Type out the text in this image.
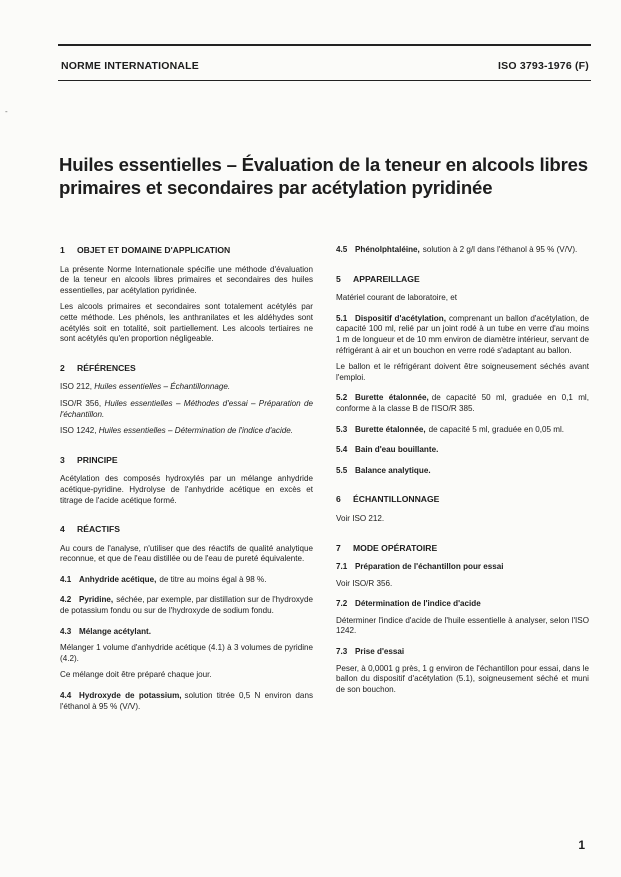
NORME INTERNATIONALE	ISO 3793-1976 (F)
-
Huiles essentielles – Évaluation de la teneur en alcools libres
primaires et secondaires par acétylation pyridinée
1 OBJET ET DOMAINE D'APPLICATION
La présente Norme Internationale spécifie une méthode d'évaluation de la teneur en alcools libres primaires et secondaires des huiles essentielles, par acétylation pyridinée.
Les alcools primaires et secondaires sont totalement acétylés par cette méthode. Les phénols, les anthranilates et les aldéhydes sont acétylés soit en totalité, soit partiellement. Les alcools tertiaires ne sont acétylés qu'en proportion négligeable.
2 RÉFÉRENCES
ISO 212, Huiles essentielles – Échantillonnage.
ISO/R 356, Huiles essentielles – Méthodes d'essai – Préparation de l'échantillon.
ISO 1242, Huiles essentielles – Détermination de l'indice d'acide.
3 PRINCIPE
Acétylation des composés hydroxylés par un mélange anhydride acétique-pyridine. Hydrolyse de l'anhydride acétique en excès et titrage de l'acide acétique formé.
4 RÉACTIFS
Au cours de l'analyse, n'utiliser que des réactifs de qualité analytique reconnue, et que de l'eau distillée ou de l'eau de pureté équivalente.
4.1 Anhydride acétique, de titre au moins égal à 98 %.
4.2 Pyridine, séchée, par exemple, par distillation sur de l'hydroxyde de potassium fondu ou sur de l'hydroxyde de sodium fondu.
4.3 Mélange acétylant.
Mélanger 1 volume d'anhydride acétique (4.1) à 3 volumes de pyridine (4.2).
Ce mélange doit être préparé chaque jour.
4.4 Hydroxyde de potassium, solution titrée 0,5 N environ dans l'éthanol à 95 % (V/V).
4.5 Phénolphtaléine, solution à 2 g/l dans l'éthanol à 95 % (V/V).
5 APPAREILLAGE
Matériel courant de laboratoire, et
5.1 Dispositif d'acétylation, comprenant un ballon d'acétylation, de capacité 100 ml, relié par un joint rodé à un tube en verre d'au moins 1 m de longueur et de 10 mm environ de diamètre intérieur, servant de réfrigérant à air et un bouchon en verre rodé s'adaptant au ballon.
Le ballon et le réfrigérant doivent être soigneusement séchés avant l'emploi.
5.2 Burette étalonnée, de capacité 50 ml, graduée en 0,1 ml, conforme à la classe B de l'ISO/R 385.
5.3 Burette étalonnée, de capacité 5 ml, graduée en 0,05 ml.
5.4 Bain d'eau bouillante.
5.5 Balance analytique.
6 ÉCHANTILLONNAGE
Voir ISO 212.
7 MODE OPÉRATOIRE
7.1 Préparation de l'échantillon pour essai
Voir ISO/R 356.
7.2 Détermination de l'indice d'acide
Déterminer l'indice d'acide de l'huile essentielle à analyser, selon l'ISO 1242.
7.3 Prise d'essai
Peser, à 0,0001 g près, 1 g environ de l'échantillon pour essai, dans le ballon du dispositif d'acétylation (5.1), soigneusement séché et muni de son bouchon.
1
